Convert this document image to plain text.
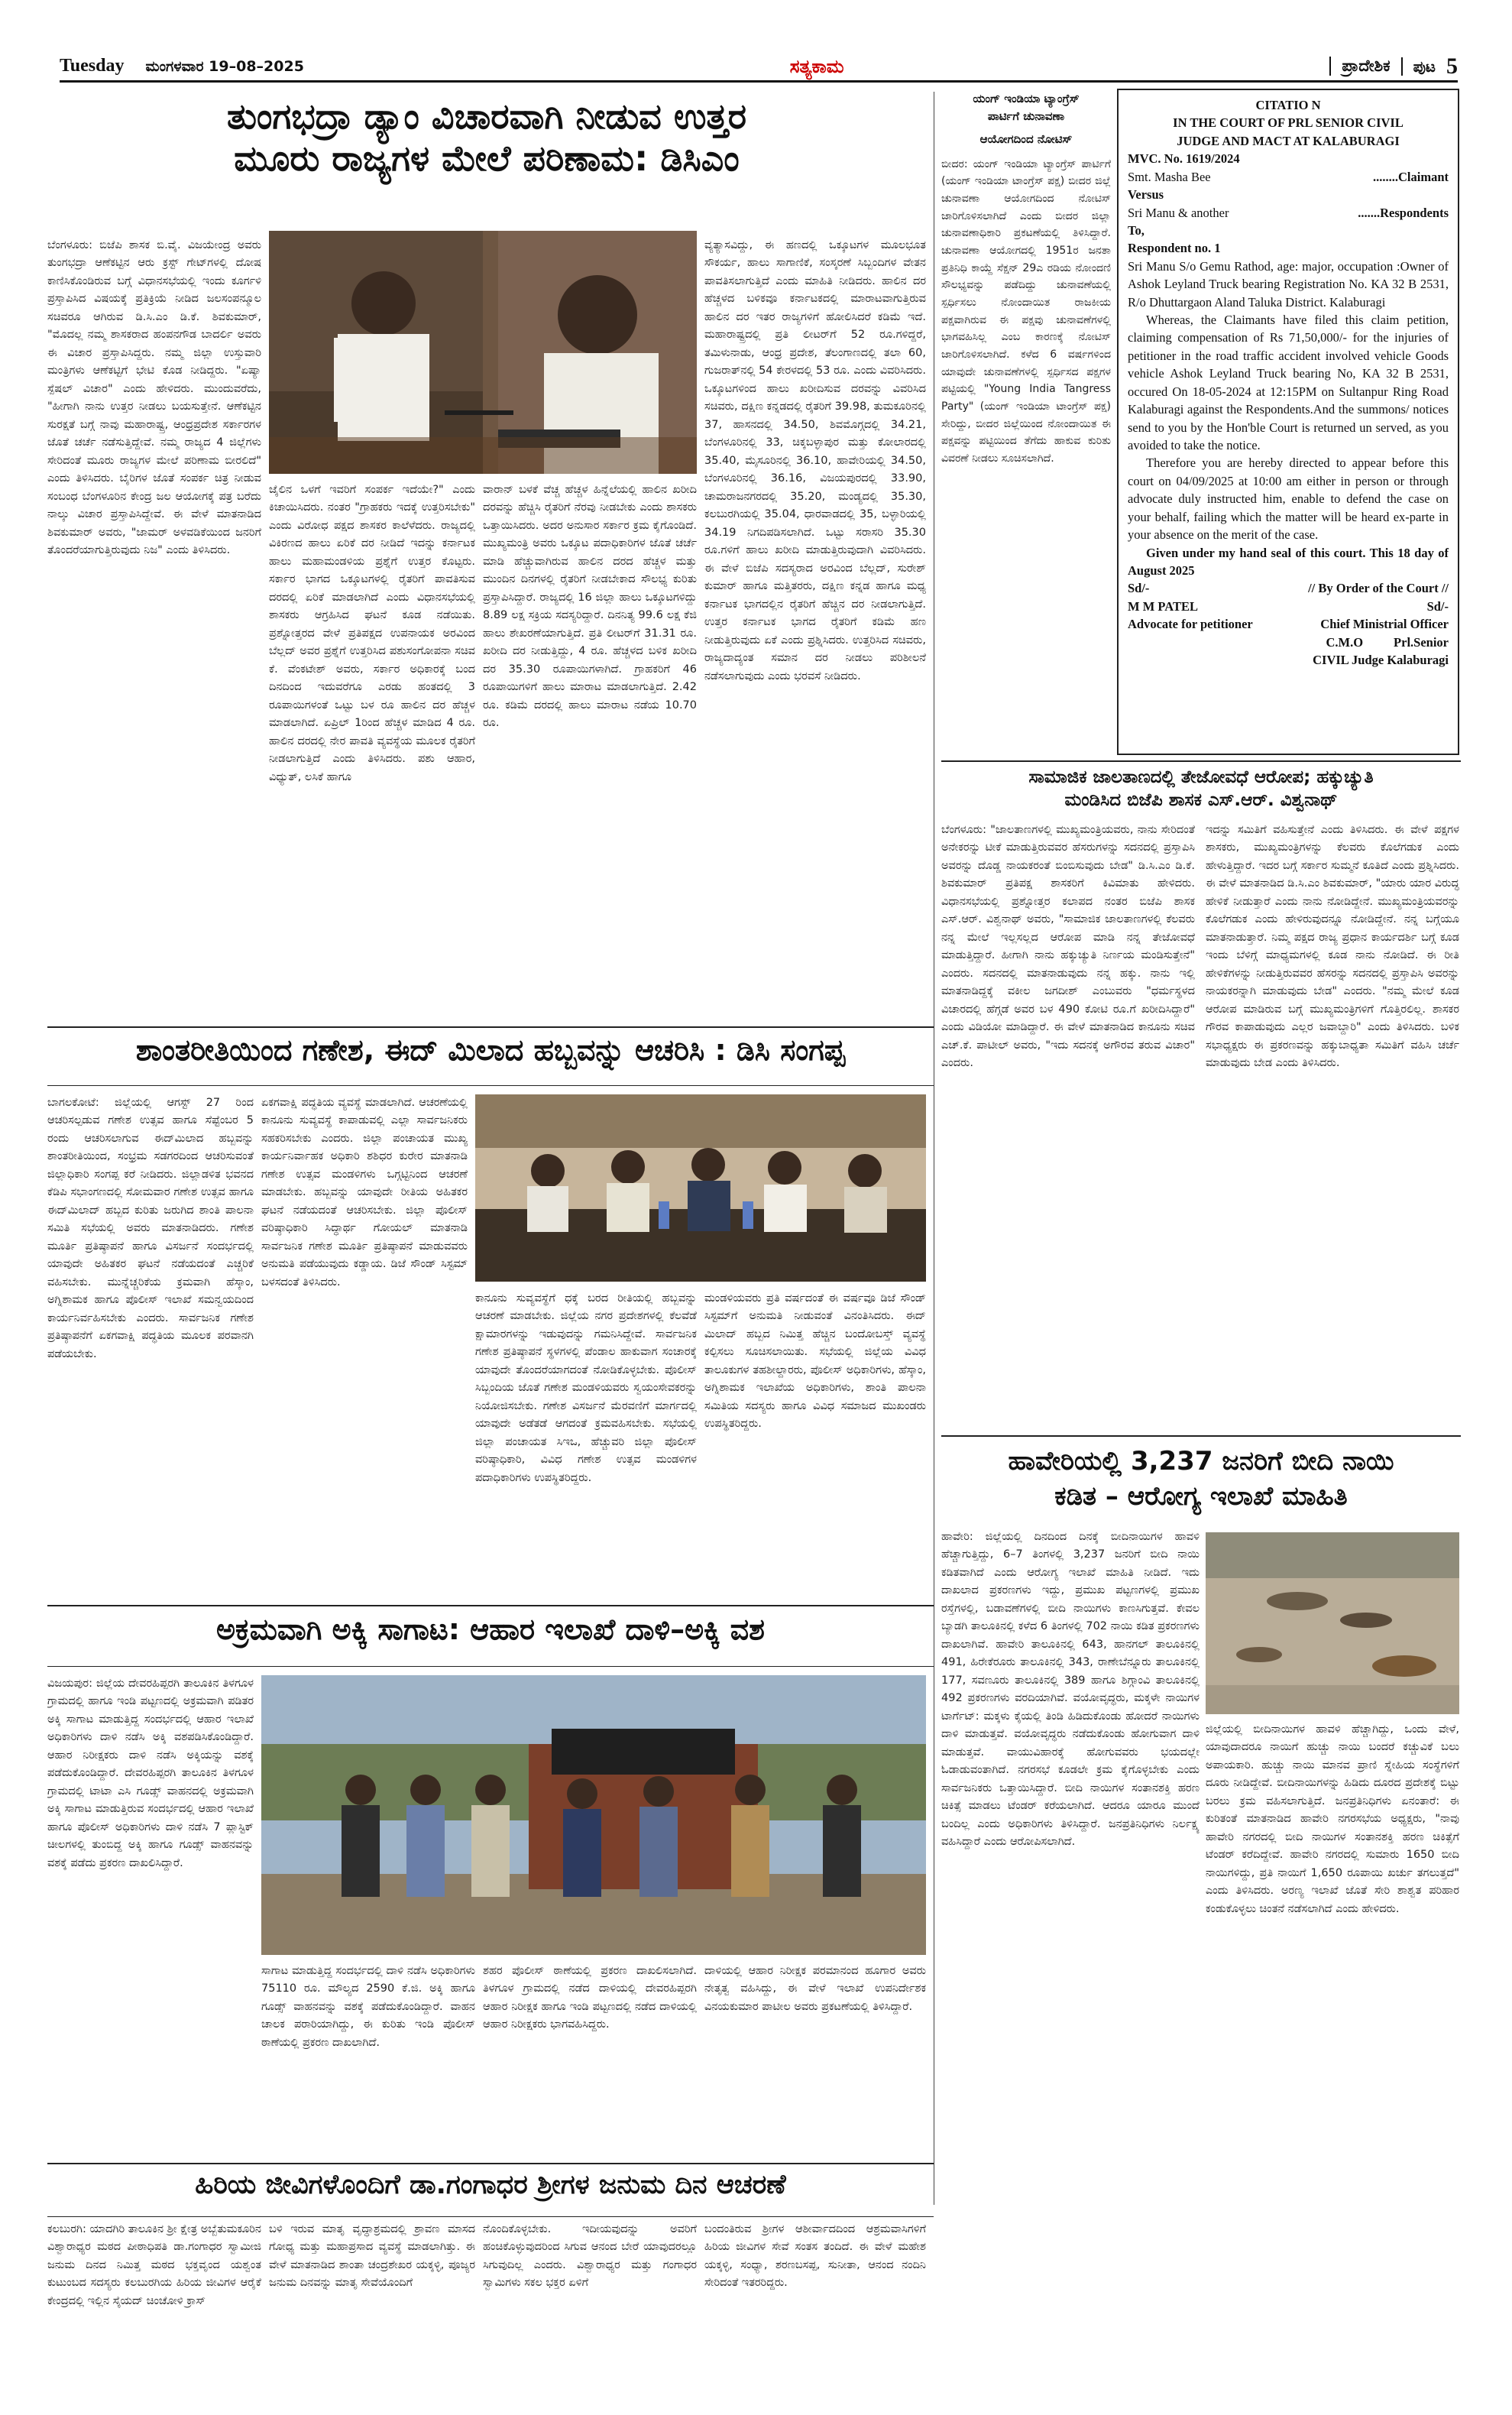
Tuesday ಮಂಗಳವಾರ 19–08–2025	ಸತ್ಯಕಾಮ	ಪ್ರಾದೇಶಿಕ	ಪುಟ 5
ತುಂಗಭದ್ರಾ ಡ್ಯಾಂ ವಿಚಾರವಾಗಿ ನೀಡುವ ಉತ್ತರ
ಮೂರು ರಾಜ್ಯಗಳ ಮೇಲೆ ಪರಿಣಾಮ: ಡಿಸಿಎಂ
ಬೆಂಗಳೂರು: ಬಿಜೆಪಿ ಶಾಸಕ ಬಿ.ವೈ. ವಿಜಯೇಂದ್ರ ಅವರು ತುಂಗಭದ್ರಾ ಆಣೆಕಟ್ಟಿನ ಆರು ಕ್ರಸ್ಟ್ ಗೇಟ್‌ಗಳಲ್ಲಿ ದೋಷ ಕಾಣಿಸಿಕೊಂಡಿರುವ ಬಗ್ಗೆ ವಿಧಾನಸಭೆಯಲ್ಲಿ ಇಂದು ಕೂರ್ಗಳಿ ಪ್ರಸ್ತಾಪಿಸಿದ ವಿಷಯಕ್ಕೆ ಪ್ರತಿಕ್ರಿಯೆ ನೀಡಿದ ಜಲಸಂಪನ್ಮೂಲ ಸಚಿವರೂ ಆಗಿರುವ ಡಿ.ಸಿ.ಎಂ ಡಿ.ಕೆ. ಶಿವಕುಮಾರ್, "ಮೊದಲ್ಲ ನಮ್ಮ ಶಾಸಕರಾದ ಹಂಪನಗೌಡ ಬಾದರ್ಲಿ ಅವರು ಈ ವಿಚಾರ ಪ್ರಸ್ತಾಪಿಸಿದ್ದರು. ನಮ್ಮ ಜಿಲ್ಲಾ ಉಸ್ತುವಾರಿ ಮಂತ್ರಿಗಳು ಆಣೆಕಟ್ಟಿಗೆ ಭೇಟಿ ಕೊಡ ನೀಡಿದ್ದರು. "ಏಷ್ಯಾ ಸ್ಪೆಷಲ್ ವಿಚಾರ" ಎಂದು ಹೇಳಿದರು. ಮುಂದುವರೆದು, "ಹೀಗಾಗಿ ನಾನು ಉತ್ತರ ನೀಡಲು ಬಯಸುತ್ತೇನೆ. ಆಣೆಕಟ್ಟಿನ ಸುರಕ್ಷತೆ ಬಗ್ಗೆ ನಾವು ಮಹಾರಾಷ್ಟ್ರ, ಆಂಧ್ರಪ್ರದೇಶ ಸರ್ಕಾರಗಳ ಜೊತೆ ಚರ್ಚೆ ನಡೆಸುತ್ತಿದ್ದೇವೆ. ನಮ್ಮ ರಾಜ್ಯದ 4 ಜಿಲ್ಲೆಗಳು ಸೇರಿದಂತೆ ಮೂರು ರಾಜ್ಯಗಳ ಮೇಲೆ ಪರಿಣಾಮ ಬೀರಲಿದೆ" ಎಂದು ತಿಳಿಸಿದರು. ಬೈರಿಗಳ ಜೊತೆ ಸಂಪರ್ಕ ಚಿತ್ರ ನೀಡುವ ಸಂಬಂಧ ಬೆಂಗಳೂರಿನ ಕೇಂದ್ರ ಜಲ ಆಯೋಗಕ್ಕೆ ಪತ್ರ ಬರೆದು ನಾಲ್ಕು ವಿಚಾರ ಪ್ರಸ್ತಾಪಿಸಿದ್ದೇವೆ. ಈ ವೇಳೆ ಮಾತನಾಡಿದ ಶಿವಕುಮಾರ್ ಅವರು, "ಜಾಮರ್ ಅಳವಡಿಕೆಯಿಂದ ಜನರಿಗೆ ತೊಂದರೆಯಾಗುತ್ತಿರುವುದು ನಿಜ" ಎಂದು ತಿಳಿಸಿದರು.
ಜೈಲಿನ ಒಳಗೆ ಇವರಿಗೆ ಸಂಪರ್ಕ ಇದೆಯೇ?" ಎಂದು ಕಿಚಾಯಿಸಿದರು. ನಂತರ "ಗ್ರಾಹಕರು ಇದಕ್ಕೆ ಉತ್ತರಿಸಬೇಕು" ಎಂದು ವಿರೋಧ ಪಕ್ಷದ ಶಾಸಕರ ಕಾಲೆಳೆದರು. ರಾಜ್ಯದಲ್ಲಿ ವಿಕಿರಣದ ಹಾಲು ಏರಿಕೆ ದರ ನೀಡಿದೆ ಇದನ್ನು ಕರ್ನಾಟಕ ಹಾಲು ಮಹಾಮಂಡಳಿಯ ಪ್ರಶ್ನೆಗೆ ಉತ್ತರ ಕೊಟ್ಟರು. ಸರ್ಕಾರ ಭಾಗದ ಒಕ್ಕೂಟಗಳಲ್ಲಿ ರೈತರಿಗೆ ಪಾವತಿಸುವ ದರದಲ್ಲಿ ಏರಿಕೆ ಮಾಡಲಾಗಿದೆ ಎಂದು ವಿಧಾನಸಭೆಯಲ್ಲಿ ಶಾಸಕರು ಆಗ್ರಹಿಸಿದ ಘಟನೆ ಕೂಡ ನಡೆಯಿತು. ಪ್ರಶ್ನೋತ್ತರದ ವೇಳೆ ಪ್ರತಿಪಕ್ಷದ ಉಪನಾಯಕ ಅರವಿಂದ ಬೆಲ್ಲದ್ ಅವರ ಪ್ರಶ್ನೆಗೆ ಉತ್ತರಿಸಿದ ಪಶುಸಂಗೋಪನಾ ಸಚಿವ ಕೆ. ವೆಂಕಟೇಶ್ ಅವರು, ಸರ್ಕಾರ ಅಧಿಕಾರಕ್ಕೆ ಬಂದ ದಿನದಿಂದ ಇದುವರೆಗೂ ಎರಡು ಹಂತದಲ್ಲಿ 3 ರೂಪಾಯಿಗಳಂತೆ ಒಟ್ಟು ಬಳ ರೂ ಹಾಲಿನ ದರ ಹೆಚ್ಚಳ ಮಾಡಲಾಗಿದೆ. ಏಪ್ರಿಲ್ 1ರಿಂದ ಹೆಚ್ಚಳ ಮಾಡಿದ 4 ರೂ. ಹಾಲಿನ ದರದಲ್ಲಿ ನೇರ ಪಾವತಿ ವ್ಯವಸ್ಥೆಯ ಮೂಲಕ ರೈತರಿಗೆ ನೀಡಲಾಗುತ್ತಿದೆ ಎಂದು ತಿಳಿಸಿದರು. ಪಶು ಆಹಾರ, ವಿಧ್ಯುತ್, ಲಸಿಕೆ ಹಾಗೂ
ವಾರಾನ್ ಬಳಕೆ ವೆಚ್ಚ ಹೆಚ್ಚಳ ಹಿನ್ನೆಲೆಯಲ್ಲಿ ಹಾಲಿನ ಖರೀದಿ ದರವನ್ನು ಹೆಚ್ಚಿಸಿ ರೈತರಿಗೆ ನೆರವು ನೀಡಬೇಕು ಎಂದು ಶಾಸಕರು ಒತ್ತಾಯಿಸಿದರು. ಅದರ ಅನುಸಾರ ಸರ್ಕಾರ ಕ್ರಮ ಕೈಗೊಂಡಿದೆ. ಮುಖ್ಯಮಂತ್ರಿ ಅವರು ಒಕ್ಕೂಟ ಪದಾಧಿಕಾರಿಗಳ ಜೊತೆ ಚರ್ಚೆ ಮಾಡಿ ಹೆಚ್ಚುವಾಗಿರುವ ಹಾಲಿನ ದರದ ಹೆಚ್ಚಳ ಮತ್ತು ಮುಂದಿನ ದಿನಗಳಲ್ಲಿ ರೈತರಿಗೆ ನೀಡಬೇಕಾದ ಸೌಲಭ್ಯ ಕುರಿತು ಪ್ರಸ್ತಾಪಿಸಿದ್ದಾರೆ. ರಾಜ್ಯದಲ್ಲಿ 16 ಜಿಲ್ಲಾ ಹಾಲು ಒಕ್ಕೂಟಗಳಿದ್ದು 8.89 ಲಕ್ಷ ಸಕ್ರಿಯ ಸದಸ್ಯರಿದ್ದಾರೆ. ದಿನನಿತ್ಯ 99.6 ಲಕ್ಷ ಕೆಜಿ ಹಾಲು ಶೇಖರಣೆಯಾಗುತ್ತಿದೆ. ಪ್ರತಿ ಲೀಟರ್‌ಗೆ 31.31 ರೂ. ಖರೀದಿ ದರ ನೀಡುತ್ತಿದ್ದು, 4 ರೂ. ಹೆಚ್ಚಳದ ಬಳಿಕ ಖರೀದಿ ದರ 35.30 ರೂಪಾಯಿಗಳಾಗಿದೆ. ಗ್ರಾಹಕರಿಗೆ 46 ರೂಪಾಯಿಗಳಿಗೆ ಹಾಲು ಮಾರಾಟ ಮಾಡಲಾಗುತ್ತಿದೆ. 2.42 ರೂ. ಕಡಿಮೆ ದರದಲ್ಲಿ ಹಾಲು ಮಾರಾಟ ನಡೆಯ 10.70 ರೂ.
ವ್ಯತ್ಯಾಸವಿದ್ದು, ಈ ಹಣದಲ್ಲಿ ಒಕ್ಕೂಟಗಳ ಮೂಲಭೂತ ಸೌಕರ್ಯ, ಹಾಲು ಸಾಗಾಣಿಕೆ, ಸಂಸ್ಕರಣೆ ಸಿಬ್ಬಂದಿಗಳ ವೇತನ ಪಾವತಿಸಲಾಗುತ್ತಿದೆ ಎಂದು ಮಾಹಿತಿ ನೀಡಿದರು. ಹಾಲಿನ ದರ ಹೆಚ್ಚಳದ ಬಳಿಕವೂ ಕರ್ನಾಟಕದಲ್ಲಿ ಮಾರಾಟವಾಗುತ್ತಿರುವ ಹಾಲಿನ ದರ ಇತರ ರಾಜ್ಯಗಳಿಗೆ ಹೋಲಿಸಿದರೆ ಕಡಿಮೆ ಇದೆ. ಮಹಾರಾಷ್ಟ್ರದಲ್ಲಿ ಪ್ರತಿ ಲೀಟರ್‌ಗೆ 52 ರೂ.ಗಳಿದ್ದರೆ, ತಮಿಳುನಾಡು, ಆಂಧ್ರ ಪ್ರದೇಶ, ತೆಲಂಗಾಣದಲ್ಲಿ ತಲಾ 60, ಗುಜರಾತ್‌ನಲ್ಲಿ 54 ಕೇರಳದಲ್ಲಿ 53 ರೂ. ಎಂದು ವಿವರಿಸಿದರು. ಒಕ್ಕೂಟಗಳಿಂದ ಹಾಲು ಖರೀದಿಸುವ ದರವನ್ನು ವಿವರಿಸಿದ ಸಚಿವರು, ದಕ್ಷಿಣ ಕನ್ನಡದಲ್ಲಿ ರೈತರಿಗೆ 39.98, ತುಮಕೂರಿನಲ್ಲಿ 37, ಹಾಸನದಲ್ಲಿ 34.50, ಶಿವಮೊಗ್ಗದಲ್ಲಿ 34.21, ಬೆಂಗಳೂರಿನಲ್ಲಿ 33, ಚಿಕ್ಕಬಳ್ಳಾಪುರ ಮತ್ತು ಕೋಲಾರದಲ್ಲಿ 35.40, ಮೈಸೂರಿನಲ್ಲಿ 36.10, ಹಾವೇರಿಯಲ್ಲಿ 34.50, ಬೆಂಗಳೂರಿನಲ್ಲಿ 36.16, ವಿಜಯಪುರದಲ್ಲಿ 33.90, ಚಾಮರಾಜನಗರದಲ್ಲಿ 35.20, ಮಂಡ್ಯದಲ್ಲಿ 35.30, ಕಲಬುರಗಿಯಲ್ಲಿ 35.04, ಧಾರವಾಡದಲ್ಲಿ 35, ಬಳ್ಳಾರಿಯಲ್ಲಿ 34.19 ನಿಗದಿಪಡಿಸಲಾಗಿದೆ. ಒಟ್ಟು ಸರಾಸರಿ 35.30 ರೂ.ಗಳಿಗೆ ಹಾಲು ಖರೀದಿ ಮಾಡುತ್ತಿರುವುದಾಗಿ ವಿವರಿಸಿದರು. ಈ ವೇಳೆ ಬಿಜೆಪಿ ಸದಸ್ಯರಾದ ಅರವಿಂದ ಬೆಲ್ಲದ್, ಸುರೇಶ್ ಕುಮಾರ್ ಹಾಗೂ ಮತ್ತಿತರರು, ದಕ್ಷಿಣ ಕನ್ನಡ ಹಾಗೂ ಮಧ್ಯ ಕರ್ನಾಟಕ ಭಾಗದಲ್ಲಿನ ರೈತರಿಗೆ ಹೆಚ್ಚಿನ ದರ ನೀಡಲಾಗುತ್ತಿದೆ. ಉತ್ತರ ಕರ್ನಾಟಕ ಭಾಗದ ರೈತರಿಗೆ ಕಡಿಮೆ ಹಣ ನೀಡುತ್ತಿರುವುದು ಏಕೆ ಎಂದು ಪ್ರಶ್ನಿಸಿದರು. ಉತ್ತರಿಸಿದ ಸಚಿವರು, ರಾಜ್ಯದಾದ್ಯಂತ ಸಮಾನ ದರ ನೀಡಲು ಪರಿಶೀಲನೆ ನಡೆಸಲಾಗುವುದು ಎಂದು ಭರವಸೆ ನೀಡಿದರು.
ಯಂಗ್ ಇಂಡಿಯಾ ಟ್ಯಾಂಗ್ರೆಸ್
ಪಾರ್ಟಿಗೆ ಚುನಾವಣಾ
ಆಯೋಗದಿಂದ ನೋಟಿಸ್
ಬೀದರ: ಯಂಗ್ ಇಂಡಿಯಾ ಟ್ಯಾಂಗ್ರೆಸ್ ಪಾರ್ಟಿಗೆ (ಯಂಗ್ ಇಂಡಿಯಾ ಟಾಂಗ್ರೆಸ್ ಪಕ್ಷ) ಬೀದರ ಜಿಲ್ಲೆ ಚುನಾವಣಾ ಆಯೋಗದಿಂದ ನೋಟಿಸ್ ಜಾರಿಗೊಳಿಸಲಾಗಿದೆ ಎಂದು ಬೀದರ ಜಿಲ್ಲಾ ಚುನಾವಣಾಧಿಕಾರಿ ಪ್ರಕಟಣೆಯಲ್ಲಿ ತಿಳಿಸಿದ್ದಾರೆ. ಚುನಾವಣಾ ಆಯೋಗದಲ್ಲಿ 1951ರ ಜನತಾ ಪ್ರತಿನಿಧಿ ಕಾಯ್ದೆ ಸೆಕ್ಷನ್ 29ಎ ರಡಿಯ ನೋಂದಣಿ ಸೌಲಭ್ಯವನ್ನು ಪಡೆದಿದ್ದು ಚುನಾವಣೆಯಲ್ಲಿ ಸ್ಪರ್ಧಿಸಲು ನೋಂದಾಯಿತ ರಾಜಕೀಯ ಪಕ್ಷವಾಗಿರುವ ಈ ಪಕ್ಷವು ಚುನಾವಣೆಗಳಲ್ಲಿ ಭಾಗವಹಿಸಿಲ್ಲ ಎಂಬ ಕಾರಣಕ್ಕೆ ನೋಟಿಸ್ ಜಾರಿಗೊಳಿಸಲಾಗಿದೆ. ಕಳೆದ 6 ವರ್ಷಗಳಿಂದ ಯಾವುದೇ ಚುನಾವಣೆಗಳಲ್ಲಿ ಸ್ಪರ್ಧಿಸದ ಪಕ್ಷಗಳ ಪಟ್ಟಿಯಲ್ಲಿ "Young India Tangress Party" (ಯಂಗ್ ಇಂಡಿಯಾ ಟಾಂಗ್ರೆಸ್ ಪಕ್ಷ) ಸೇರಿದ್ದು, ಬೀದರ ಜಿಲ್ಲೆಯಿಂದ ನೋಂದಾಯಿತ ಈ ಪಕ್ಷವನ್ನು ಪಟ್ಟಿಯಿಂದ ತೆಗೆದು ಹಾಕುವ ಕುರಿತು ವಿವರಣೆ ನೀಡಲು ಸೂಚಿಸಲಾಗಿದೆ.
CITATIO N
IN THE COURT OF PRL SENIOR CIVIL
JUDGE AND MACT AT KALABURAGI
MVC. No. 1619/2024
Smt. Masha Bee	........Claimant
Versus
Sri Manu & another	.......Respondents
To,
Respondent no. 1
Sri Manu S/o Gemu Rathod, age: major, occupation :Owner of Ashok Leyland Truck bearing Registration No. KA 32 B 2531, R/o Dhuttargaon Aland Taluka District. Kalaburagi
Whereas, the Claimants have filed this claim petition, claiming compensation of Rs 71,50,000/- for the injuries of petitioner in the road traffic accident involved vehicle Goods vehicle Ashok Leyland Truck bearing No, KA 32 B 2531, occured On 18-05-2024 at 12:15PM on Sultanpur Ring Road Kalaburagi against the Respondents.And the summons/ notices send to you by the Hon'ble Court is returned un served, as you avoided to take the notice.
Therefore you are hereby directed to appear before this court on 04/09/2025 at 10:00 am either in person or through advocate duly instructed him, enable to defend the case on your behalf, failing which the matter will be heard ex-parte in your absence on the merit of the case.
Given under my hand seal of this court. This 18 day of August 2025
Sd/-	// By Order of the Court //
M M PATEL	Sd/-
Advocate for petitioner	Chief Ministrial Officer
C.M.O Prl.Senior
CIVIL Judge Kalaburagi
ಸಾಮಾಜಿಕ ಜಾಲತಾಣದಲ್ಲಿ ತೇಜೋವಧೆ ಆರೋಪ; ಹಕ್ಕುಚ್ಯುತಿ
ಮಂಡಿಸಿದ ಬಿಜೆಪಿ ಶಾಸಕ ಎಸ್.ಆರ್. ವಿಶ್ವನಾಥ್
ಬೆಂಗಳೂರು: "ಜಾಲತಾಣಗಳಲ್ಲಿ ಮುಖ್ಯಮಂತ್ರಿಯವರು, ನಾನು ಸೇರಿದಂತೆ ಅನೇಕರನ್ನು ಟೀಕೆ ಮಾಡುತ್ತಿರುವವರ ಹೆಸರುಗಳನ್ನು ಸದನದಲ್ಲಿ ಪ್ರಸ್ತಾಪಿಸಿ ಅವರನ್ನು ದೊಡ್ಡ ನಾಯಕರಂತೆ ಬಿಂಬಿಸುವುದು ಬೇಡ" ಡಿ.ಸಿ.ಎಂ ಡಿ.ಕೆ. ಶಿವಕುಮಾರ್ ಪ್ರತಿಪಕ್ಷ ಶಾಸಕರಿಗೆ ಕಿವಿಮಾತು ಹೇಳಿದರು. ವಿಧಾನಸಭೆಯಲ್ಲಿ ಪ್ರಶ್ನೋತ್ತರ ಕಲಾಪದ ನಂತರ ಬಿಜೆಪಿ ಶಾಸಕ ಎಸ್.ಆರ್. ವಿಶ್ವನಾಥ್ ಅವರು, "ಸಾಮಾಜಿಕ ಜಾಲತಾಣಗಳಲ್ಲಿ ಕೆಲವರು ನನ್ನ ಮೇಲೆ ಇಲ್ಲಸಲ್ಲದ ಆರೋಪ ಮಾಡಿ ನನ್ನ ತೇಜೋವಧೆ ಮಾಡುತ್ತಿದ್ದಾರೆ. ಹೀಗಾಗಿ ನಾನು ಹಕ್ಕುಚ್ಯುತಿ ನಿರ್ಣಯ ಮಂಡಿಸುತ್ತೇನೆ" ಎಂದರು. ಸದನದಲ್ಲಿ ಮಾತನಾಡುವುದು ನನ್ನ ಹಕ್ಕು. ನಾನು ಇಲ್ಲಿ ಮಾತನಾಡಿದ್ದಕ್ಕೆ ವಕೀಲ ಜಗದೀಶ್ ಎಂಬುವರು "ಧರ್ಮಸ್ಥಳದ ವಿಚಾರದಲ್ಲಿ ಹೆಗ್ಗಡೆ ಅವರ ಬಳ 490 ಕೋಟಿ ರೂ.ಗೆ ಖರೀದಿಸಿದ್ದಾರೆ" ಎಂದು ವಿಡಿಯೋ ಮಾಡಿದ್ದಾರೆ. ಈ ವೇಳೆ ಮಾತನಾಡಿದ ಕಾನೂನು ಸಚಿವ ಎಚ್.ಕೆ. ಪಾಟೀಲ್ ಅವರು, "ಇದು ಸದನಕ್ಕೆ ಅಗೌರವ ತರುವ ವಿಚಾರ" ಎಂದರು.
ಇದನ್ನು ಸಮಿತಿಗೆ ವಹಿಸುತ್ತೇನೆ ಎಂದು ತಿಳಿಸಿದರು. ಈ ವೇಳೆ ಪಕ್ಷಗಳ ಶಾಸಕರು, ಮುಖ್ಯಮಂತ್ರಿಗಳನ್ನು ಕೆಲವರು ಕೊಲೆಗಡುಕ ಎಂದು ಹೇಳುತ್ತಿದ್ದಾರೆ. ಇದರ ಬಗ್ಗೆ ಸರ್ಕಾರ ಸುಮ್ಮನೆ ಕೂತಿದೆ ಎಂದು ಪ್ರಶ್ನಿಸಿದರು. ಈ ವೇಳೆ ಮಾತನಾಡಿದ ಡಿ.ಸಿ.ಎಂ ಶಿವಕುಮಾರ್, "ಯಾರು ಯಾರ ವಿರುದ್ಧ ಹೇಳಿಕೆ ನೀಡುತ್ತಾರೆ ಎಂದು ನಾನು ನೋಡಿದ್ದೇನೆ. ಮುಖ್ಯಮಂತ್ರಿಯವರನ್ನು ಕೊಲೆಗಡುಕ ಎಂದು ಹೇಳಿರುವುದನ್ನೂ ನೋಡಿದ್ದೇನೆ. ನನ್ನ ಬಗ್ಗೆಯೂ ಮಾತನಾಡುತ್ತಾರೆ. ನಿಮ್ಮ ಪಕ್ಷದ ರಾಜ್ಯ ಪ್ರಧಾನ ಕಾರ್ಯದರ್ಶಿ ಬಗ್ಗೆ ಕೂಡ ಇಂದು ಬೆಳಿಗ್ಗೆ ಮಾಧ್ಯಮಗಳಲ್ಲಿ ಕೂಡ ನಾನು ನೋಡಿದೆ. ಈ ರೀತಿ ಹೇಳಿಕೆಗಳನ್ನು ನೀಡುತ್ತಿರುವವರ ಹೆಸರನ್ನು ಸದನದಲ್ಲಿ ಪ್ರಸ್ತಾಪಿಸಿ ಅವರನ್ನು ನಾಯಕರನ್ನಾಗಿ ಮಾಡುವುದು ಬೇಡ" ಎಂದರು. "ನಮ್ಮ ಮೇಲೆ ಕೂಡ ಆರೋಪ ಮಾಡಿರುವ ಬಗ್ಗೆ ಮುಖ್ಯಮಂತ್ರಿಗಳಿಗೆ ಗೊತ್ತಿರಲಿಲ್ಲ. ಶಾಸಕರ ಗೌರವ ಕಾಪಾಡುವುದು ಎಲ್ಲರ ಜವಾಬ್ದಾರಿ" ಎಂದು ತಿಳಿಸಿದರು. ಬಳಿಕ ಸಭಾಧ್ಯಕ್ಷರು ಈ ಪ್ರಕರಣವನ್ನು ಹಕ್ಕುಬಾಧ್ಯತಾ ಸಮಿತಿಗೆ ವಹಿಸಿ ಚರ್ಚೆ ಮಾಡುವುದು ಬೇಡ ಎಂದು ತಿಳಿಸಿದರು.
ಶಾಂತರೀತಿಯಿಂದ ಗಣೇಶ, ಈದ್ ಮಿಲಾದ ಹಬ್ಬವನ್ನು ಆಚರಿಸಿ : ಡಿಸಿ ಸಂಗಪ್ಪ
ಬಾಗಲಕೋಟೆ: ಜಿಲ್ಲೆಯಲ್ಲಿ ಆಗಸ್ಟ್ 27 ರಿಂದ ಆಚರಿಸಲ್ಪಡುವ ಗಣೇಶ ಉತ್ಸವ ಹಾಗೂ ಸೆಪ್ಟೆಂಬರ 5 ರಂದು ಆಚರಿಸಲಾಗುವ ಈದ್‌ಮಿಲಾದ ಹಬ್ಬವನ್ನು ಶಾಂತರೀತಿಯಿಂದ, ಸಂಭ್ರಮ ಸಡಗರದಿಂದ ಆಚರಿಸುವಂತೆ ಜಿಲ್ಲಾಧಿಕಾರಿ ಸಂಗಪ್ಪ ಕರೆ ನೀಡಿದರು. ಜಿಲ್ಲಾಡಳಿತ ಭವನದ ಕೆಡಿಪಿ ಸಭಾಂಗಣದಲ್ಲಿ ಸೋಮವಾರ ಗಣೇಶ ಉತ್ಸವ ಹಾಗೂ ಈದ್‌ಮಿಲಾದ್ ಹಬ್ಬದ ಕುರಿತು ಜರುಗಿದ ಶಾಂತಿ ಪಾಲನಾ ಸಮಿತಿ ಸಭೆಯಲ್ಲಿ ಅವರು ಮಾತನಾಡಿದರು. ಗಣೇಶ ಮೂರ್ತಿ ಪ್ರತಿಷ್ಠಾಪನೆ ಹಾಗೂ ವಿಸರ್ಜನೆ ಸಂದರ್ಭದಲ್ಲಿ ಯಾವುದೇ ಅಹಿತಕರ ಘಟನೆ ನಡೆಯದಂತೆ ಎಚ್ಚರಿಕೆ ವಹಿಸಬೇಕು. ಮುನ್ನೆಚ್ಚರಿಕೆಯ ಕ್ರಮವಾಗಿ ಹೆಸ್ಕಾಂ, ಅಗ್ನಿಶಾಮಕ ಹಾಗೂ ಪೊಲೀಸ್ ಇಲಾಖೆ ಸಮನ್ವಯದಿಂದ ಕಾರ್ಯನಿರ್ವಹಿಸಬೇಕು ಎಂದರು. ಸಾರ್ವಜನಿಕ ಗಣೇಶ ಪ್ರತಿಷ್ಠಾಪನೆಗೆ ಏಕಗವಾಕ್ಷಿ ಪದ್ಧತಿಯ ಮೂಲಕ ಪರವಾನಗಿ ಪಡೆಯಬೇಕು.
ಏಕಗವಾಕ್ಷಿ ಪದ್ಧತಿಯ ವ್ಯವಸ್ಥೆ ಮಾಡಲಾಗಿದೆ. ಆಚರಣೆಯಲ್ಲಿ ಕಾನೂನು ಸುವ್ಯವಸ್ಥೆ ಕಾಪಾಡುವಲ್ಲಿ ಎಲ್ಲಾ ಸಾರ್ವಜನಿಕರು ಸಹಕರಿಸಬೇಕು ಎಂದರು. ಜಿಲ್ಲಾ ಪಂಚಾಯತ ಮುಖ್ಯ ಕಾರ್ಯನಿರ್ವಾಹಕ ಅಧಿಕಾರಿ ಶಶಿಧರ ಕುರೇರ ಮಾತನಾಡಿ ಗಣೇಶ ಉತ್ಸವ ಮಂಡಳಿಗಳು ಒಗ್ಗಟ್ಟಿನಿಂದ ಆಚರಣೆ ಮಾಡಬೇಕು. ಹಬ್ಬವನ್ನು ಯಾವುದೇ ರೀತಿಯ ಅಹಿತಕರ ಘಟನೆ ನಡೆಯದಂತೆ ಆಚರಿಸಬೇಕು. ಜಿಲ್ಲಾ ಪೊಲೀಸ್ ವರಿಷ್ಠಾಧಿಕಾರಿ ಸಿದ್ಧಾರ್ಥ ಗೋಯಲ್ ಮಾತನಾಡಿ ಸಾರ್ವಜನಿಕ ಗಣೇಶ ಮೂರ್ತಿ ಪ್ರತಿಷ್ಠಾಪನೆ ಮಾಡುವವರು ಅನುಮತಿ ಪಡೆಯುವುದು ಕಡ್ಡಾಯ. ಡಿಜೆ ಸೌಂಡ್ ಸಿಸ್ಟಮ್ ಬಳಸದಂತೆ ತಿಳಿಸಿದರು.
ಕಾನೂನು ಸುವ್ಯವಸ್ಥೆಗೆ ಧಕ್ಕೆ ಬರದ ರೀತಿಯಲ್ಲಿ ಹಬ್ಬವನ್ನು ಆಚರಣೆ ಮಾಡಬೇಕು. ಜಿಲ್ಲೆಯ ನಗರ ಪ್ರದೇಶಗಳಲ್ಲಿ ಕೆಲವೆಡೆ ಕ್ಷಾಮಾರಗಳನ್ನು ಇಡುವುದನ್ನು ಗಮನಿಸಿದ್ದೇವೆ. ಸಾರ್ವಜನಿಕ ಗಣೇಶ ಪ್ರತಿಷ್ಠಾಪನೆ ಸ್ಥಳಗಳಲ್ಲಿ ಪೆಂಡಾಲ ಹಾಕುವಾಗ ಸಂಚಾರಕ್ಕೆ ಯಾವುದೇ ತೊಂದರೆಯಾಗದಂತೆ ನೋಡಿಕೊಳ್ಳಬೇಕು. ಪೊಲೀಸ್ ಸಿಬ್ಬಂದಿಯ ಜೊತೆ ಗಣೇಶ ಮಂಡಳಿಯವರು ಸ್ವಯಂಸೇವಕರನ್ನು ನಿಯೋಜಿಸಬೇಕು. ಗಣೇಶ ವಿಸರ್ಜನೆ ಮೆರವಣಿಗೆ ಮಾರ್ಗದಲ್ಲಿ ಯಾವುದೇ ಅಡೆತಡೆ ಆಗದಂತೆ ಕ್ರಮವಹಿಸಬೇಕು. ಸಭೆಯಲ್ಲಿ ಜಿಲ್ಲಾ ಪಂಚಾಯತ ಸಿಇಒ, ಹೆಚ್ಚುವರಿ ಜಿಲ್ಲಾ ಪೊಲೀಸ್ ವರಿಷ್ಠಾಧಿಕಾರಿ, ವಿವಿಧ ಗಣೇಶ ಉತ್ಸವ ಮಂಡಳಿಗಳ ಪದಾಧಿಕಾರಿಗಳು ಉಪಸ್ಥಿತರಿದ್ದರು.
ಮಂಡಳಿಯವರು ಪ್ರತಿ ವರ್ಷದಂತೆ ಈ ವರ್ಷವೂ ಡಿಜೆ ಸೌಂಡ್ ಸಿಸ್ಟಮ್‌ಗೆ ಅನುಮತಿ ನೀಡುವಂತೆ ವಿನಂತಿಸಿದರು. ಈದ್ ಮಿಲಾದ್ ಹಬ್ಬದ ನಿಮಿತ್ತ ಹೆಚ್ಚಿನ ಬಂದೋಬಸ್ತ್ ವ್ಯವಸ್ಥೆ ಕಲ್ಪಿಸಲು ಸೂಚಿಸಲಾಯಿತು. ಸಭೆಯಲ್ಲಿ ಜಿಲ್ಲೆಯ ವಿವಿಧ ತಾಲೂಕುಗಳ ತಹಶೀಲ್ದಾರರು, ಪೊಲೀಸ್ ಅಧಿಕಾರಿಗಳು, ಹೆಸ್ಕಾಂ, ಅಗ್ನಿಶಾಮಕ ಇಲಾಖೆಯ ಅಧಿಕಾರಿಗಳು, ಶಾಂತಿ ಪಾಲನಾ ಸಮಿತಿಯ ಸದಸ್ಯರು ಹಾಗೂ ವಿವಿಧ ಸಮಾಜದ ಮುಖಂಡರು ಉಪಸ್ಥಿತರಿದ್ದರು.
ಹಾವೇರಿಯಲ್ಲಿ 3,237 ಜನರಿಗೆ ಬೀದಿ ನಾಯಿ
ಕಡಿತ – ಆರೋಗ್ಯ ಇಲಾಖೆ ಮಾಹಿತಿ
ಹಾವೇರಿ: ಜಿಲ್ಲೆಯಲ್ಲಿ ದಿನದಿಂದ ದಿನಕ್ಕೆ ಬೀದಿನಾಯಿಗಳ ಹಾವಳಿ ಹೆಚ್ಚಾಗುತ್ತಿದ್ದು, 6–7 ತಿಂಗಳಲ್ಲಿ 3,237 ಜನರಿಗೆ ಬೀದಿ ನಾಯಿ ಕಡಿತವಾಗಿದೆ ಎಂದು ಆರೋಗ್ಯ ಇಲಾಖೆ ಮಾಹಿತಿ ನೀಡಿದೆ. ಇದು ದಾಖಲಾದ ಪ್ರಕರಣಗಳು ಇದ್ದು, ಪ್ರಮುಖ ಪಟ್ಟಣಗಳಲ್ಲಿ ಪ್ರಮುಖ ರಸ್ತೆಗಳಲ್ಲಿ, ಬಡಾವಣೆಗಳಲ್ಲಿ ಬೀದಿ ನಾಯಿಗಳು ಕಾಣಸಿಗುತ್ತವೆ. ಕೇವಲ ಬ್ಯಾಡಗಿ ತಾಲೂಕಿನಲ್ಲಿ ಕಳೆದ 6 ತಿಂಗಳಲ್ಲಿ 702 ನಾಯಿ ಕಡಿತ ಪ್ರಕರಣಗಳು ದಾಖಲಾಗಿವೆ. ಹಾವೇರಿ ತಾಲೂಕಿನಲ್ಲಿ 643, ಹಾನಗಲ್ ತಾಲೂಕಿನಲ್ಲಿ 491, ಹಿರೇಕೆರೂರು ತಾಲೂಕಿನಲ್ಲಿ 343, ರಾಣೇಬೆನ್ನೂರು ತಾಲೂಕಿನಲ್ಲಿ 177, ಸವಣೂರು ತಾಲೂಕಿನಲ್ಲಿ 389 ಹಾಗೂ ಶಿಗ್ಗಾಂವಿ ತಾಲೂಕಿನಲ್ಲಿ 492 ಪ್ರಕರಣಗಳು ವರದಿಯಾಗಿವೆ. ವಯೋವೃದ್ಧರು, ಮಕ್ಕಳೇ ನಾಯಿಗಳ ಟಾರ್ಗೆಟ್: ಮಕ್ಕಳು ಕೈಯಲ್ಲಿ ತಿಂಡಿ ಹಿಡಿದುಕೊಂಡು ಹೋದರೆ ನಾಯಿಗಳು ದಾಳಿ ಮಾಡುತ್ತವೆ. ವಯೋವೃದ್ಧರು ನಡೆದುಕೊಂಡು ಹೋಗುವಾಗ ದಾಳಿ ಮಾಡುತ್ತವೆ. ವಾಯುವಿಹಾರಕ್ಕೆ ಹೋಗುವವರು ಭಯದಲ್ಲೇ ಓಡಾಡುವಂತಾಗಿದೆ. ನಗರಸಭೆ ಕೂಡಲೇ ಕ್ರಮ ಕೈಗೊಳ್ಳಬೇಕು ಎಂದು ಸಾರ್ವಜನಿಕರು ಒತ್ತಾಯಿಸಿದ್ದಾರೆ. ಬೀದಿ ನಾಯಿಗಳ ಸಂತಾನಶಕ್ತಿ ಹರಣ ಚಿಕಿತ್ಸೆ ಮಾಡಲು ಟೆಂಡರ್ ಕರೆಯಲಾಗಿದೆ. ಆದರೂ ಯಾರೂ ಮುಂದೆ ಬಂದಿಲ್ಲ ಎಂದು ಅಧಿಕಾರಿಗಳು ತಿಳಿಸಿದ್ದಾರೆ. ಜನಪ್ರತಿನಿಧಿಗಳು ನಿರ್ಲಕ್ಷ್ಯ ವಹಿಸಿದ್ದಾರೆ ಎಂದು ಆರೋಪಿಸಲಾಗಿದೆ.
ಜಿಲ್ಲೆಯಲ್ಲಿ ಬೀದಿನಾಯಿಗಳ ಹಾವಳಿ ಹೆಚ್ಚಾಗಿದ್ದು, ಒಂದು ವೇಳೆ, ಯಾವುದಾದರೂ ನಾಯಿಗೆ ಹುಚ್ಚು ನಾಯಿ ಬಂದರೆ ಕಚ್ಚುವಿಕೆ ಬಲು ಅಪಾಯಕಾರಿ. ಹುಚ್ಚು ನಾಯಿ ಮಾನವ ಪ್ರಾಣಿ ಸ್ನೇಹಿಯ ಸಂಸ್ಥೆಗಳಿಗೆ ದೂರು ನೀಡಿದ್ದೇವೆ. ಬೀದಿನಾಯಿಗಳನ್ನು ಹಿಡಿದು ದೂರದ ಪ್ರದೇಶಕ್ಕೆ ಬಿಟ್ಟು ಬರಲು ಕ್ರಮ ವಹಿಸಲಾಗುತ್ತಿದೆ. ಜನಪ್ರತಿನಿಧಿಗಳು ಏನಂತಾರೆ: ಈ ಕುರಿತಂತೆ ಮಾತನಾಡಿದ ಹಾವೇರಿ ನಗರಸಭೆಯ ಅಧ್ಯಕ್ಷರು, "ನಾವು ಹಾವೇರಿ ನಗರದಲ್ಲಿ ಬೀದಿ ನಾಯಿಗಳ ಸಂತಾನಶಕ್ತಿ ಹರಣ ಚಿಕಿತ್ಸೆಗೆ ಟೆಂಡರ್ ಕರೆದಿದ್ದೇವೆ. ಹಾವೇರಿ ನಗರದಲ್ಲಿ ಸುಮಾರು 1650 ಬೀದಿ ನಾಯಿಗಳಿದ್ದು, ಪ್ರತಿ ನಾಯಿಗೆ 1,650 ರೂಪಾಯಿ ಖರ್ಚು ತಗಲುತ್ತದೆ" ಎಂದು ತಿಳಿಸಿದರು. ಅರಣ್ಯ ಇಲಾಖೆ ಜೊತೆ ಸೇರಿ ಶಾಶ್ವತ ಪರಿಹಾರ ಕಂಡುಕೊಳ್ಳಲು ಚಿಂತನೆ ನಡೆಸಲಾಗಿದೆ ಎಂದು ಹೇಳಿದರು.
ಅಕ್ರಮವಾಗಿ ಅಕ್ಕಿ ಸಾಗಾಟ: ಆಹಾರ ಇಲಾಖೆ ದಾಳಿ–ಅಕ್ಕಿ ವಶ
ವಿಜಯಪುರ: ಜಿಲ್ಲೆಯ ದೇವರಹಿಪ್ಪರಗಿ ತಾಲೂಕಿನ ತಿಳಗೂಳ ಗ್ರಾಮದಲ್ಲಿ ಹಾಗೂ ಇಂಡಿ ಪಟ್ಟಣದಲ್ಲಿ ಅಕ್ರಮವಾಗಿ ಪಡಿತರ ಅಕ್ಕಿ ಸಾಗಾಟ ಮಾಡುತ್ತಿದ್ದ ಸಂದರ್ಭದಲ್ಲಿ ಆಹಾರ ಇಲಾಖೆ ಅಧಿಕಾರಿಗಳು ದಾಳಿ ನಡೆಸಿ ಅಕ್ಕಿ ವಶಪಡಿಸಿಕೊಂಡಿದ್ದಾರೆ. ಆಹಾರ ನಿರೀಕ್ಷಕರು ದಾಳಿ ನಡೆಸಿ ಅಕ್ಕಿಯನ್ನು ವಶಕ್ಕೆ ಪಡೆದುಕೊಂಡಿದ್ದಾರೆ. ದೇವರಹಿಪ್ಪರಗಿ ತಾಲೂಕಿನ ತಿಳಗೂಳ ಗ್ರಾಮದಲ್ಲಿ ಟಾಟಾ ಎಸಿ ಗೂಡ್ಸ್ ವಾಹನದಲ್ಲಿ ಅಕ್ರಮವಾಗಿ ಅಕ್ಕಿ ಸಾಗಾಟ ಮಾಡುತ್ತಿರುವ ಸಂದರ್ಭದಲ್ಲಿ ಆಹಾರ ಇಲಾಖೆ ಹಾಗೂ ಪೊಲೀಸ್ ಅಧಿಕಾರಿಗಳು ದಾಳಿ ನಡೆಸಿ 7 ಪ್ಲಾಸ್ಟಿಕ್ ಚೀಲಗಳಲ್ಲಿ ತುಂಬಿದ್ದ ಅಕ್ಕಿ ಹಾಗೂ ಗೂಡ್ಸ್ ವಾಹನವನ್ನು ವಶಕ್ಕೆ ಪಡೆದು ಪ್ರಕರಣ ದಾಖಲಿಸಿದ್ದಾರೆ.
ಸಾಗಾಟ ಮಾಡುತ್ತಿದ್ದ ಸಂದರ್ಭದಲ್ಲಿ ದಾಳಿ ನಡೆಸಿ ಅಧಿಕಾರಿಗಳು 75110 ರೂ. ಮೌಲ್ಯದ 2590 ಕೆ.ಜಿ. ಅಕ್ಕಿ ಹಾಗೂ ಗೂಡ್ಸ್ ವಾಹನವನ್ನು ವಶಕ್ಕೆ ಪಡೆದುಕೊಂಡಿದ್ದಾರೆ. ವಾಹನ ಚಾಲಕ ಪರಾರಿಯಾಗಿದ್ದು, ಈ ಕುರಿತು ಇಂಡಿ ಪೊಲೀಸ್ ಠಾಣೆಯಲ್ಲಿ ಪ್ರಕರಣ ದಾಖಲಾಗಿದೆ.
ಶಹರ ಪೊಲೀಸ್ ಠಾಣೆಯಲ್ಲಿ ಪ್ರಕರಣ ದಾಖಲಿಸಲಾಗಿದೆ. ತಿಳಗೂಳ ಗ್ರಾಮದಲ್ಲಿ ನಡೆದ ದಾಳಿಯಲ್ಲಿ ದೇವರಹಿಪ್ಪರಗಿ ಆಹಾರ ನಿರೀಕ್ಷಕ ಹಾಗೂ ಇಂಡಿ ಪಟ್ಟಣದಲ್ಲಿ ನಡೆದ ದಾಳಿಯಲ್ಲಿ ಆಹಾರ ನಿರೀಕ್ಷಕರು ಭಾಗವಹಿಸಿದ್ದರು.
ದಾಳಿಯಲ್ಲಿ ಆಹಾರ ನಿರೀಕ್ಷಕ ಪರಮಾನಂದ ಹೂಗಾರ ಅವರು ನೇತೃತ್ವ ವಹಿಸಿದ್ದು, ಈ ವೇಳೆ ಇಲಾಖೆ ಉಪನಿರ್ದೇಶಕ ವಿನಯಕುಮಾರ ಪಾಟೀಲ ಅವರು ಪ್ರಕಟಣೆಯಲ್ಲಿ ತಿಳಿಸಿದ್ದಾರೆ.
ಹಿರಿಯ ಜೀವಿಗಳೊಂದಿಗೆ ಡಾ.ಗಂಗಾಧರ ಶ್ರೀಗಳ ಜನುಮ ದಿನ ಆಚರಣೆ
ಕಲಬುರಗಿ: ಯಾದಗಿರಿ ತಾಲೂಕಿನ ಶ್ರೀ ಕ್ಷೇತ್ರ ಅಬ್ಬೆತುಮಕೂರಿನ ವಿಶ್ವಾರಾಧ್ಯರ ಮಠದ ಪೀಠಾಧಿಪತಿ ಡಾ.ಗಂಗಾಧರ ಸ್ವಾಮೀಜಿ ಜನುಮ ದಿನದ ನಿಮಿತ್ತ ಮಠದ ಭಕ್ತವೃಂದ ಯಶ್ವಂತ ಕುಟುಂಬದ ಸದಸ್ಯರು ಕಲಬುರಗಿಯ ಹಿರಿಯ ಜೀವಿಗಳ ಆರೈಕೆ ಕೇಂದ್ರದಲ್ಲಿ ಇಲ್ಲಿನ ಸೈಯದ್ ಚಿಂಚೋಳಿ ಕ್ರಾಸ್
ಬಳಿ ಇರುವ ಮಾತೃ ವೃದ್ಧಾಶ್ರಮದಲ್ಲಿ ಶ್ರಾವಣ ಮಾಸದ ಗೋಧ್ಯ ಮತ್ತು ಮಹಾಪ್ರಸಾದ ವ್ಯವಸ್ಥೆ ಮಾಡಲಾಗಿತ್ತು. ಈ ವೇಳೆ ಮಾತನಾಡಿದ ಶಾಂತಾ ಚಂದ್ರಶೇಖರ ಯಕ್ಕಳ್ಳಿ, ಪೂಜ್ಯರ ಜನುಮ ದಿನವನ್ನು ಮಾತೃ ಸೇವೆಯೊಂದಿಗೆ
ನೊಂದಿಕೊಳ್ಳಬೇಕು. ಇದೀಯವುದನ್ನು ಅವರಿಗೆ ಹಂಚಿಕೊಳ್ಳುವುದರಿಂದ ಸಿಗುವ ಆನಂದ ಬೇರೆ ಯಾವುದರಲ್ಲೂ ಸಿಗುವುದಿಲ್ಲ ಎಂದರು. ವಿಶ್ವಾರಾಧ್ಯರ ಮತ್ತು ಗಂಗಾಧರ ಸ್ವಾಮಿಗಳು ಸಕಲ ಭಕ್ತರ ಏಳಿಗೆ
ಬಂದಂತಿರುವ ಶ್ರೀಗಳ ಆಶೀರ್ವಾದದಿಂದ ಆಶ್ರಮವಾಸಿಗಳಿಗೆ ಹಿರಿಯ ಜೀವಿಗಳ ಸೇವೆ ಸಂತಸ ತಂದಿದೆ. ಈ ವೇಳೆ ಮಹೇಶ ಯಕ್ಕಳ್ಳಿ, ಸಂಧ್ಯಾ, ಶರಣಬಸಪ್ಪ, ಸುನೀತಾ, ಆನಂದ ನಂದಿನಿ ಸೇರಿದಂತೆ ಇತರರಿದ್ದರು.
